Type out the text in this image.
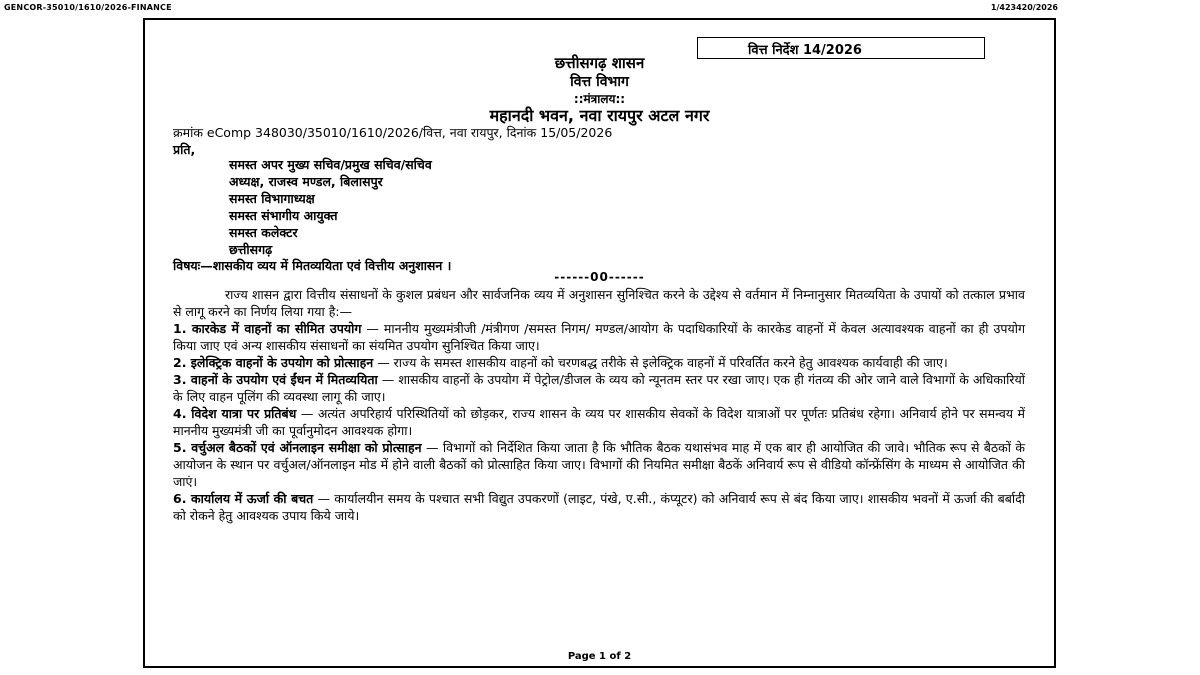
GENCOR-35010/1610/2026-FINANCE	1/423420/2026
वित्त निर्देश 14/2026
छत्तीसगढ़ शासन
वित्त विभाग
::मंत्रालय::
महानदी भवन, नवा रायपुर अटल नगर
क्रमांक eComp 348030/35010/1610/2026/वित्त, नवा रायपुर, दिनांक 15/05/2026
प्रति,
समस्त अपर मुख्य सचिव/प्रमुख सचिव/सचिव
अध्यक्ष, राजस्व मण्डल, बिलासपुर
समस्त विभागाध्यक्ष
समस्त संभागीय आयुक्त
समस्त कलेक्टर
छत्तीसगढ़
विषयः—शासकीय व्यय में मितव्ययिता एवं वित्तीय अनुशासन ।
------00------

राज्य शासन द्वारा वित्तीय संसाधनों के कुशल प्रबंधन और सार्वजनिक व्यय में अनुशासन सुनिश्चित करने के उद्देश्य से वर्तमान में निम्नानुसार मितव्ययिता के उपायों को तत्काल प्रभाव से लागू करने का निर्णय लिया गया है:—

1. कारकेड में वाहनों का सीमित उपयोग — माननीय मुख्यमंत्रीजी /मंत्रीगण /समस्त निगम/ मण्डल/आयोग के पदाधिकारियों के कारकेड वाहनों में केवल अत्यावश्यक वाहनों का ही उपयोग किया जाए एवं अन्य शासकीय संसाधनों का संयमित उपयोग सुनिश्चित किया जाए।

2. इलेक्ट्रिक वाहनों के उपयोग को प्रोत्साहन — राज्य के समस्त शासकीय वाहनों को चरणबद्ध तरीके से इलेक्ट्रिक वाहनों में परिवर्तित करने हेतु आवश्यक कार्यवाही की जाए।

3. वाहनों के उपयोग एवं ईंधन में मितव्ययिता — शासकीय वाहनों के उपयोग में पेट्रोल/डीजल के व्यय को न्यूनतम स्तर पर रखा जाए। एक ही गंतव्य की ओर जाने वाले विभागों के अधिकारियों के लिए वाहन पूलिंग की व्यवस्था लागू की जाए।

4. विदेश यात्रा पर प्रतिबंध — अत्यंत अपरिहार्य परिस्थितियों को छोड़कर, राज्य शासन के व्यय पर शासकीय सेवकों के विदेश यात्राओं पर पूर्णतः प्रतिबंध रहेगा। अनिवार्य होने पर समन्वय में माननीय मुख्यमंत्री जी का पूर्वानुमोदन आवश्यक होगा।

5. वर्चुअल बैठकों एवं ऑनलाइन समीक्षा को प्रोत्साहन — विभागों को निर्देशित किया जाता है कि भौतिक बैठक यथासंभव माह में एक बार ही आयोजित की जावे। भौतिक रूप से बैठकों के आयोजन के स्थान पर वर्चुअल/ऑनलाइन मोड में होने वाली बैठकों को प्रोत्साहित किया जाए। विभागों की नियमित समीक्षा बैठकें अनिवार्य रूप से वीडियो कॉन्फ्रेंसिंग के माध्यम से आयोजित की जाएं।

6. कार्यालय में ऊर्जा की बचत — कार्यालयीन समय के पश्चात सभी विद्युत उपकरणों (लाइट, पंखे, ए.सी., कंप्यूटर) को अनिवार्य रूप से बंद किया जाए। शासकीय भवनों में ऊर्जा की बर्बादी को रोकने हेतु आवश्यक उपाय किये जाये।

Page 1 of 2
